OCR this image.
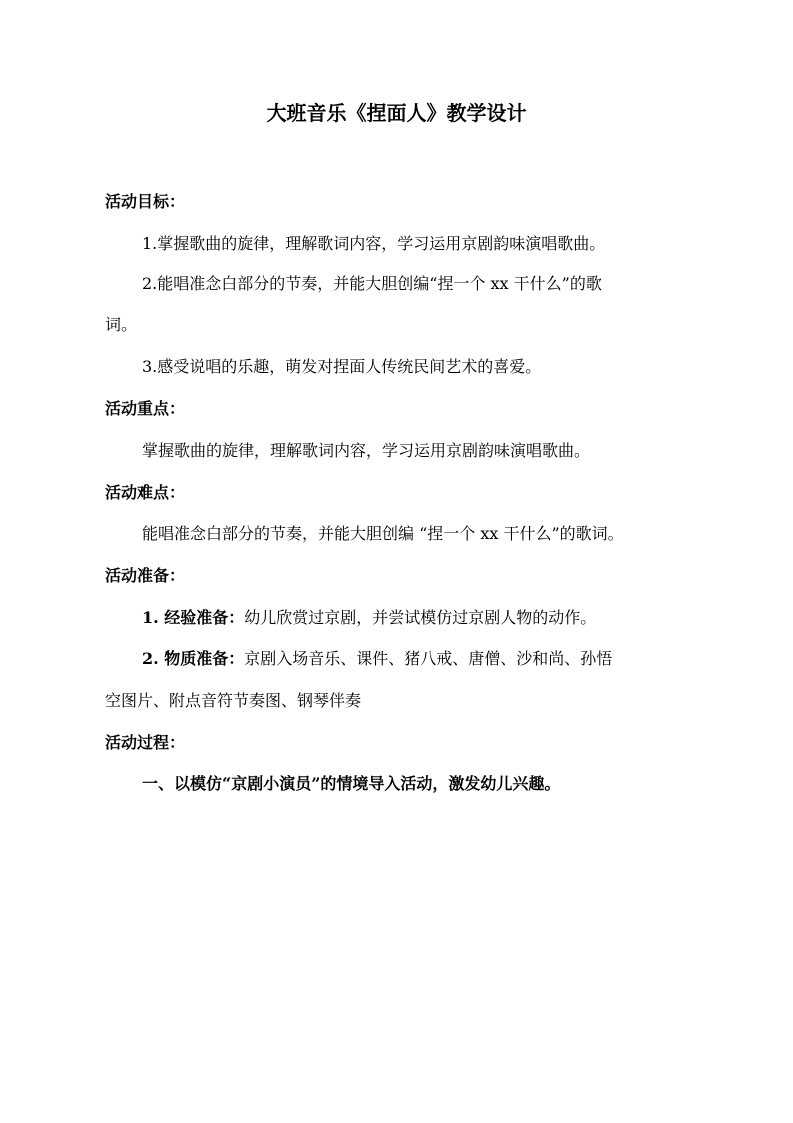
大班音乐《捏面人》教学设计
活动目标：
1.掌握歌曲的旋律，理解歌词内容，学习运用京剧韵味演唱歌曲。
2.能唱准念白部分的节奏，并能大胆创编“捏一个 xx 干什么”的歌
词。
3.感受说唱的乐趣，萌发对捏面人传统民间艺术的喜爱。
活动重点：
掌握歌曲的旋律，理解歌词内容，学习运用京剧韵味演唱歌曲。
活动难点：
能唱准念白部分的节奏，并能大胆创编 “捏一个 xx 干什么”的歌词。
活动准备：
1. 经验准备：幼儿欣赏过京剧，并尝试模仿过京剧人物的动作。
2. 物质准备：京剧入场音乐、课件、猪八戒、唐僧、沙和尚、孙悟
空图片、附点音符节奏图、钢琴伴奏
活动过程：
一、以模仿“京剧小演员”的情境导入活动，激发幼儿兴趣。
